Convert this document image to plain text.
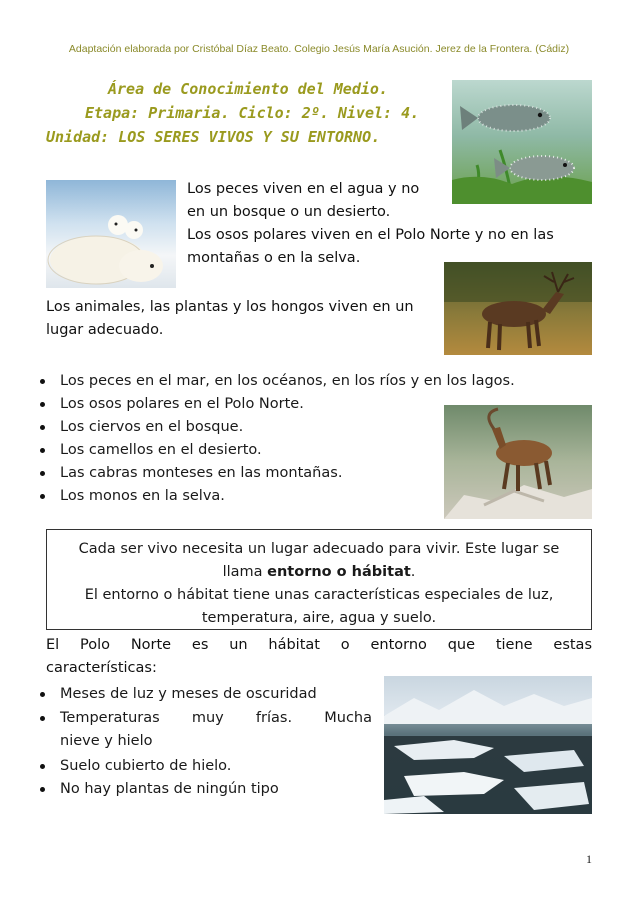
Adaptación elaborada por Cristóbal Díaz Beato. Colegio Jesús María Asución. Jerez de la Frontera. (Cádiz)
Área de Conocimiento del Medio.
Etapa: Primaria. Ciclo: 2º. Nivel: 4.
Unidad: LOS SERES VIVOS Y SU ENTORNO.
Los peces viven en el agua y no
en un bosque o un desierto.
Los osos polares viven en el Polo Norte y no en las
montañas o en la selva.
Los animales, las plantas y los hongos viven en un
lugar adecuado.
Los peces en el mar, en los océanos, en los ríos y en los lagos.
Los osos polares en el Polo Norte.
Los ciervos en el bosque.
Los camellos en el desierto.
Las cabras monteses en las montañas.
Los monos en la selva.
Cada ser vivo necesita un lugar adecuado para vivir. Este lugar se
llama entorno o hábitat.
El entorno o hábitat tiene unas características especiales de luz,
temperatura, aire, agua y suelo.
El Polo Norte es un hábitat o entorno que tiene estas
características:
Meses de luz y meses de oscuridad
Temperaturas muy frías. Mucha
nieve y hielo
Suelo cubierto de hielo.
No hay plantas de ningún tipo
1
